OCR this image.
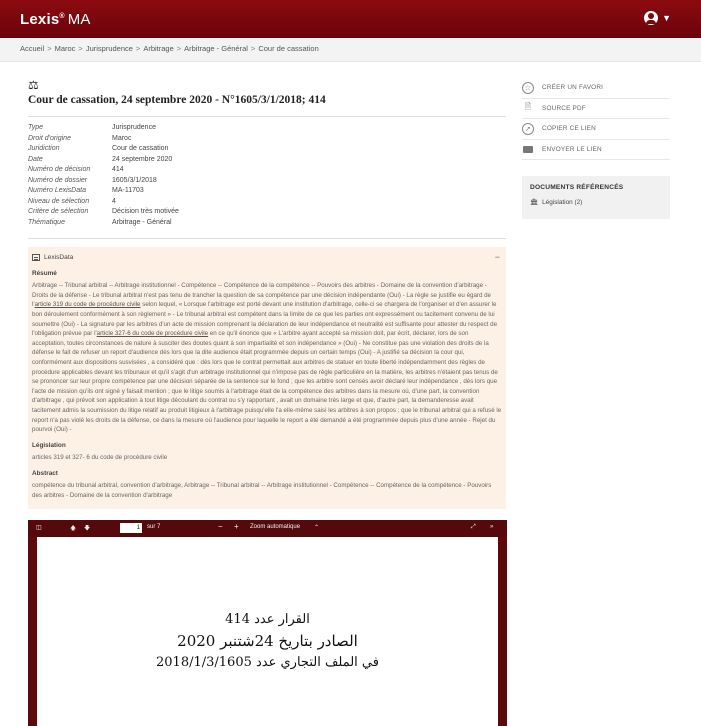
Lexis® MA	▼
Accueil > Maroc > Jurisprudence > Arbitrage > Arbitrage - Général > Cour de cassation
⚖
Cour de cassation, 24 septembre 2020 - N°1605/3/1/2018; 414
Type	Jurisprudence
Droit d'origine	Maroc
Juridiction	Cour de cassation
Date	24 septembre 2020
Numéro de décision	414
Numéro de dossier	1605/3/1/2018
Numéro LexisData	MA-11703
Niveau de sélection	4
Critère de sélection	Décision très motivée
Thématique	Arbitrage - Général
LexisData	−
Résumé
Arbitrage -- Tribunal arbitral -- Arbitrage institutionnel - Compétence -- Compétence de la compétence -- Pouvoirs des arbitres - Domaine de la convention d'arbitrage - Droits de la défense - Le tribunal arbitral n'est pas tenu de trancher la question de sa compétence par une décision indépendante (Oui) - La règle se justifie eu égard de l'article 319 du code de procédure civile selon lequel, « Lorsque l'arbitrage est porté devant une institution d'arbitrage, celle-ci se chargera de l'organiser et d'en assurer le bon déroulement conformément à son règlement » - Le tribunal arbitral est compétent dans la limite de ce que les parties ont expressément ou tacitement convenu de lui soumettre (Oui) - La signature par les arbitres d'un acte de mission comprenant la déclaration de leur indépendance et neutralité est suffisante pour attester du respect de l'obligation prévue par l'article 327-6 du code de procédure civile en ce qu'il énonce que « L'arbitre ayant accepté sa mission doit, par écrit, déclarer, lors de son acceptation, toutes circonstances de nature à susciter des doutes quant à son impartialité et son indépendance » (Oui) - Ne constitue pas une violation des droits de la défense le fait de refuser un report d'audience dès lors que la dite audience était programmée depuis un certain temps (Oui) - A justifié sa décision la cour qui, conformément aux dispositions susvisées , a considéré que : dès lors que le contrat permettait aux arbitres de statuer en toute liberté indépendamment des règles de procédure applicables devant les tribunaux et qu'il s'agit d'un arbitrage institutionnel qui n'impose pas de règle particulière en la matière, les arbitres n'étaient pas tenus de se prononcer sur leur propre compétence par une décision séparée de la sentence sur le fond ; que les arbitre sont censés avoir déclaré leur indépendance , dès lors que l'acte de mission qu'ils ont signé y faisait mention ; que le litige soumis à l'arbitrage était de la compétence des arbitres dans la mesure où, d'une part, la convention d'arbitrage , qui prévoit son application à tout litige découlant du contrat ou s'y rapportant , avait un domaine très large et que, d'autre part, la demanderesse avait tacitement admis la soumission du litige relatif au produit litigieux à l'arbitrage puisqu'elle l'a elle-même saisi les arbitres à son propos ; que le tribunal arbitral qui a refusé le report n'a pas violé les droits de la défense, ce dans la mesure où l'audience pour laquelle le report a été demandé a été programmée depuis plus d'une année - Rejet du pourvoi (Oui) -
Législation
articles 319 et 327- 6 du code de procédure civile
Abstract
compétence du tribunal arbitral, convention d'arbitrage, Arbitrage -- Tribunal arbitral -- Arbitrage institutionnel - Compétence -- Compétence de la compétence - Pouvoirs des arbitres - Domaine de la convention d'arbitrage
◫	🡅 🡇	1	sur 7	− + Zoom automatique ⌃	⤢ »
القرار عدد 414
الصادر بتاريخ 24شتنبر 2020
في الملف التجاري عدد 2018/1/3/1605
☆	CRÉER UN FAVORI
🗎	SOURCE PDF
➚	COPIER CE LIEN
ENVOYER LE LIEN
DOCUMENTS RÉFÉRENCÉS
🏛 Législation (2)
